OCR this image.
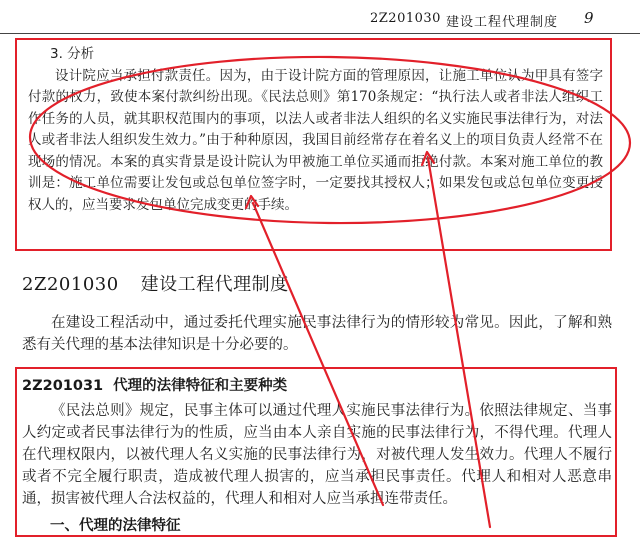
2Z201030 建设工程代理制度 9
3. 分析
设计院应当承担付款责任。因为，由于设计院方面的管理原因，让施工单位认为甲具有签字付款的权力，致使本案付款纠纷出现。《民法总则》第170条规定：“执行法人或者非法人组织工作任务的人员，就其职权范围内的事项，以法人或者非法人组织的名义实施民事法律行为，对法人或者非法人组织发生效力。”由于种种原因，我国目前经常存在着名义上的项目负责人经常不在现场的情况。本案的真实背景是设计院认为甲被施工单位买通而拒绝付款。本案对施工单位的教训是：施工单位需要让发包或总包单位签字时，一定要找其授权人；如果发包或总包单位变更授权人的，应当要求发包单位完成变更的手续。
2Z201030 建设工程代理制度
在建设工程活动中，通过委托代理实施民事法律行为的情形较为常见。因此，了解和熟悉有关代理的基本法律知识是十分必要的。
2Z201031 代理的法律特征和主要种类
《民法总则》规定，民事主体可以通过代理人实施民事法律行为。依照法律规定、当事人约定或者民事法律行为的性质，应当由本人亲自实施的民事法律行为，不得代理。代理人在代理权限内，以被代理人名义实施的民事法律行为，对被代理人发生效力。代理人不履行或者不完全履行职责，造成被代理人损害的，应当承担民事责任。代理人和相对人恶意串通，损害被代理人合法权益的，代理人和相对人应当承担连带责任。
一、代理的法律特征
